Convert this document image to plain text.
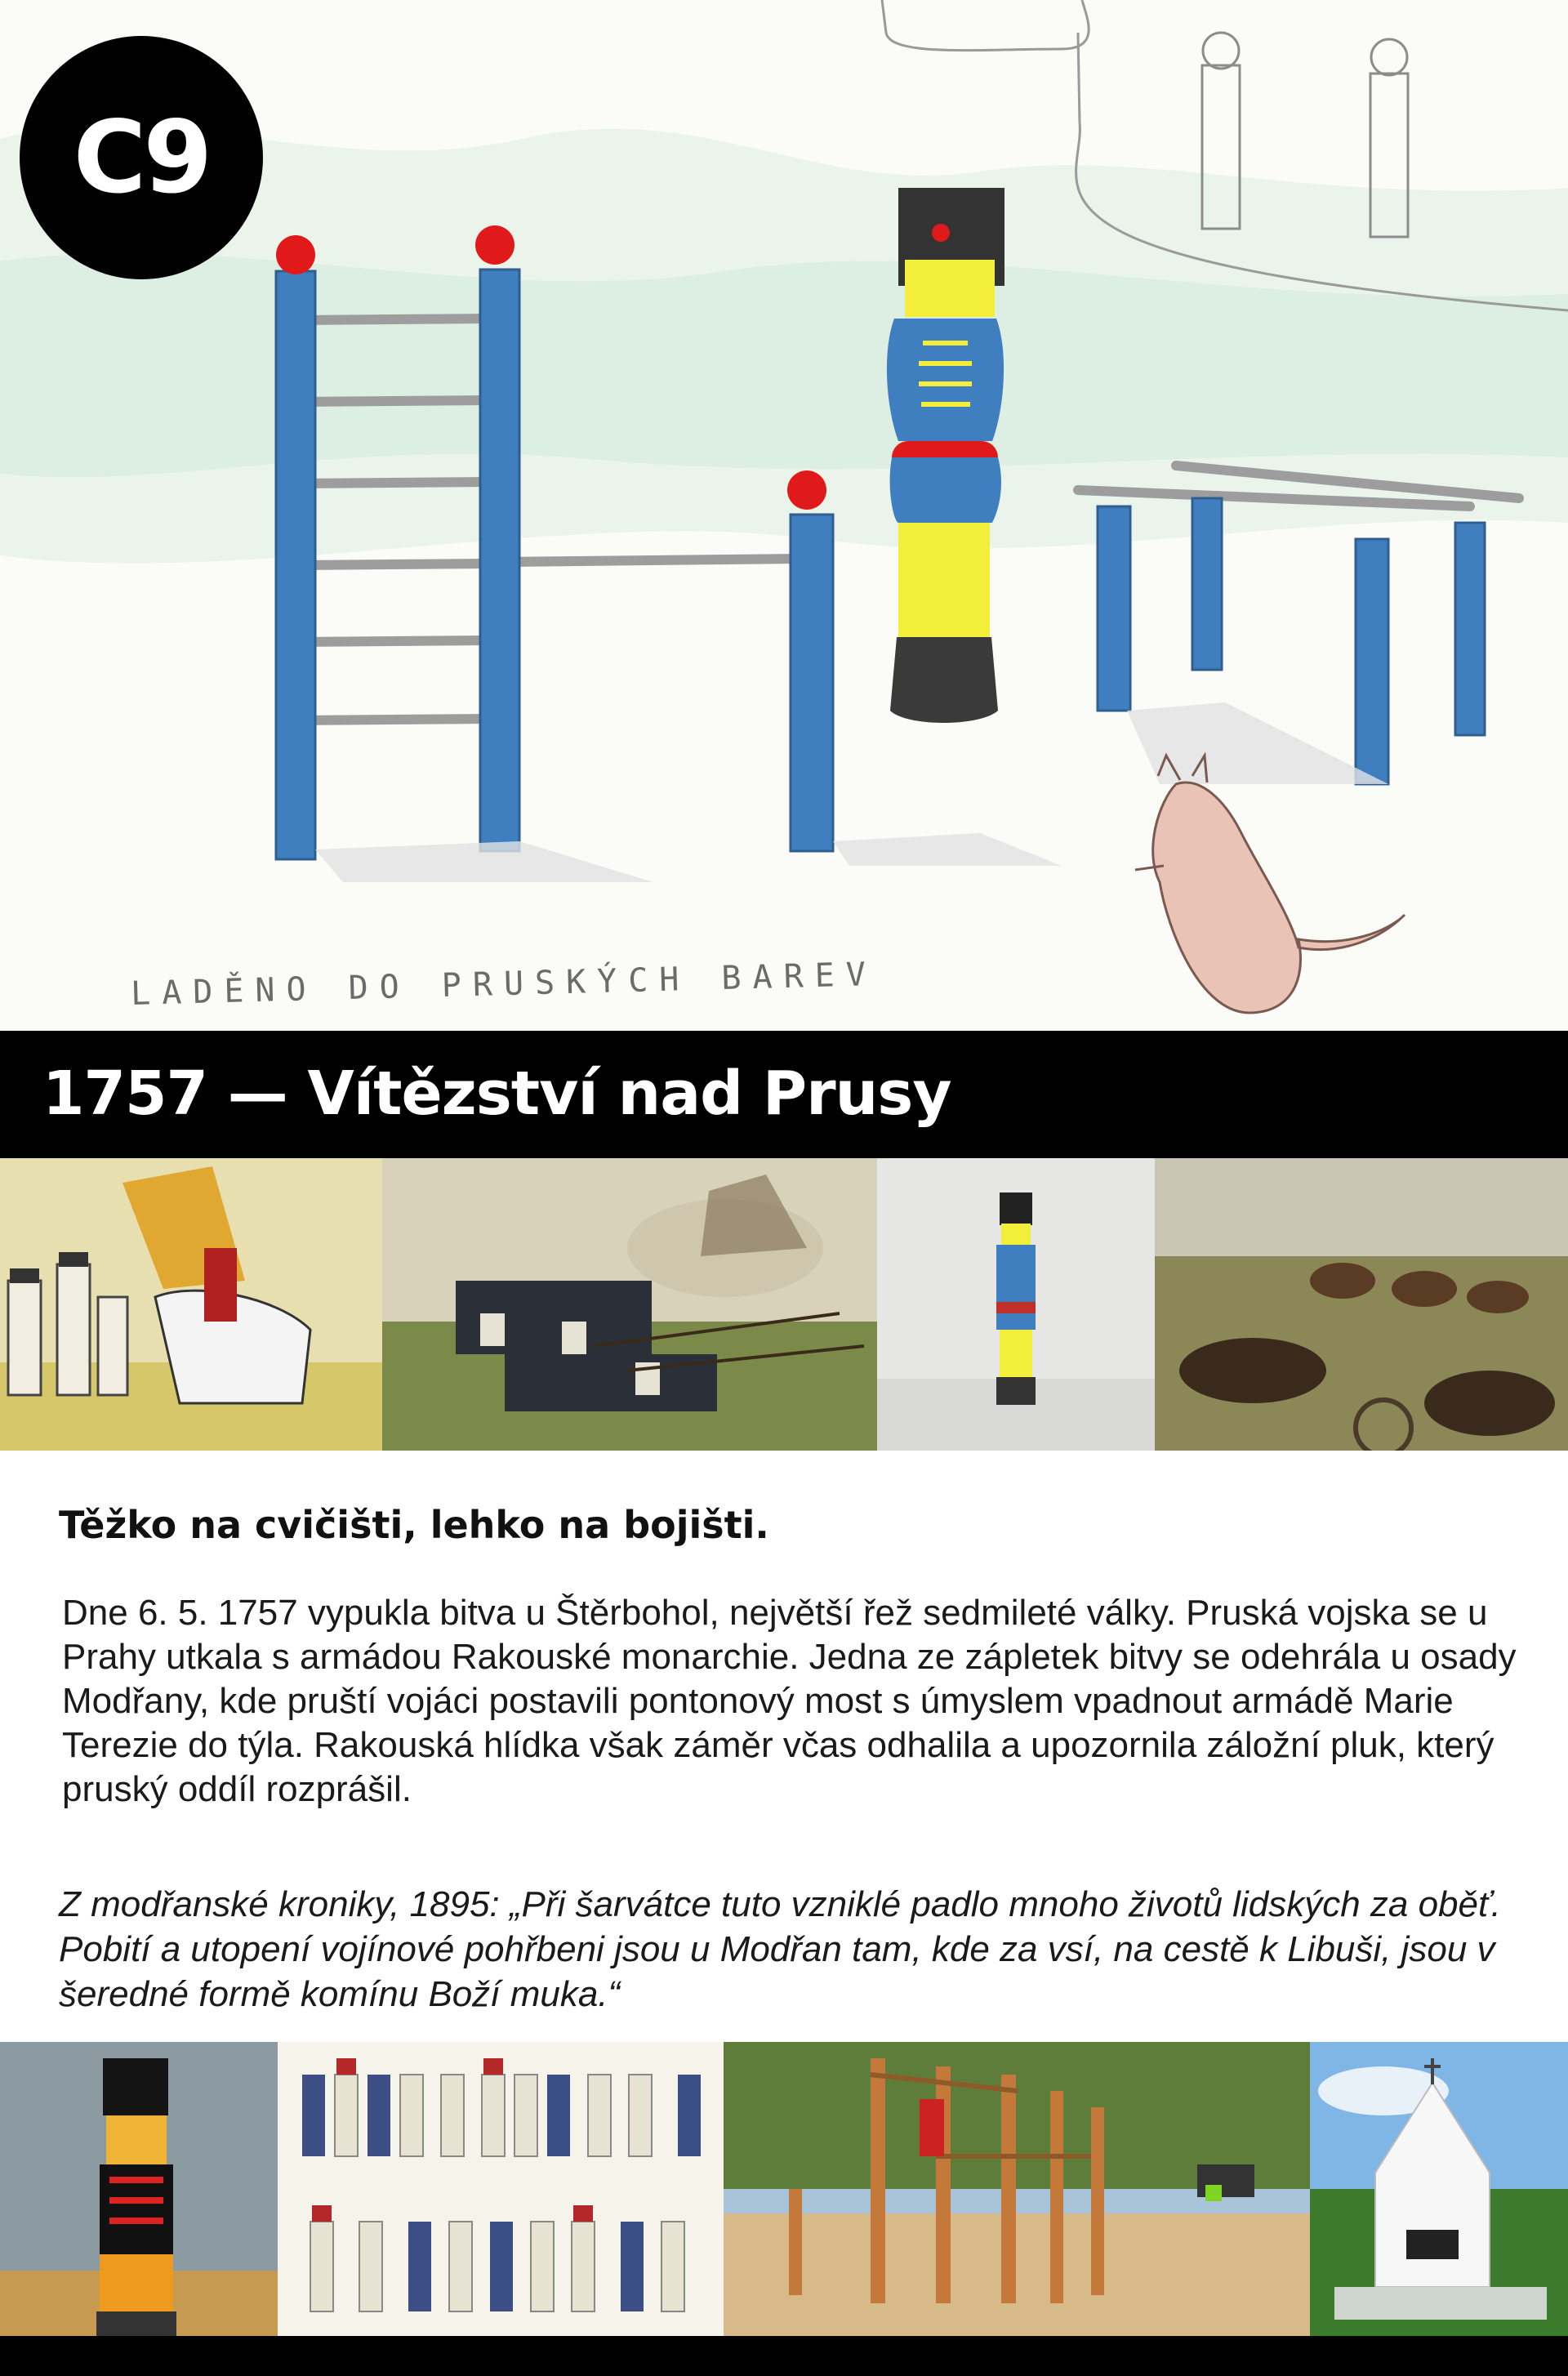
C9
LADĚNO DO PRUSKÝCH BAREV
1757 — Vítězství nad Prusy
Těžko na cvičišti, lehko na bojišti.

Dne 6. 5. 1757 vypukla bitva u Štěrbohol, největší řež sedmileté války. Pruská vojska se u Prahy utkala s armádou Rakouské monarchie. Jedna ze zápletek bitvy se odehrála u osady Modřany, kde pruští vojáci postavili pontonový most s úmyslem vpadnout armádě Marie Terezie do týla. Rakouská hlídka však záměr včas odhalila a upozornila záložní pluk, který pruský oddíl rozprášil.

Z modřanské kroniky, 1895: „Při šarvátce tuto vzniklé padlo mnoho životů lidských za oběť. Pobití a utopení vojínové pohřbeni jsou u Modřan tam, kde za vsí, na cestě k Libuši, jsou v šeredné formě komínu Boží muka.“
